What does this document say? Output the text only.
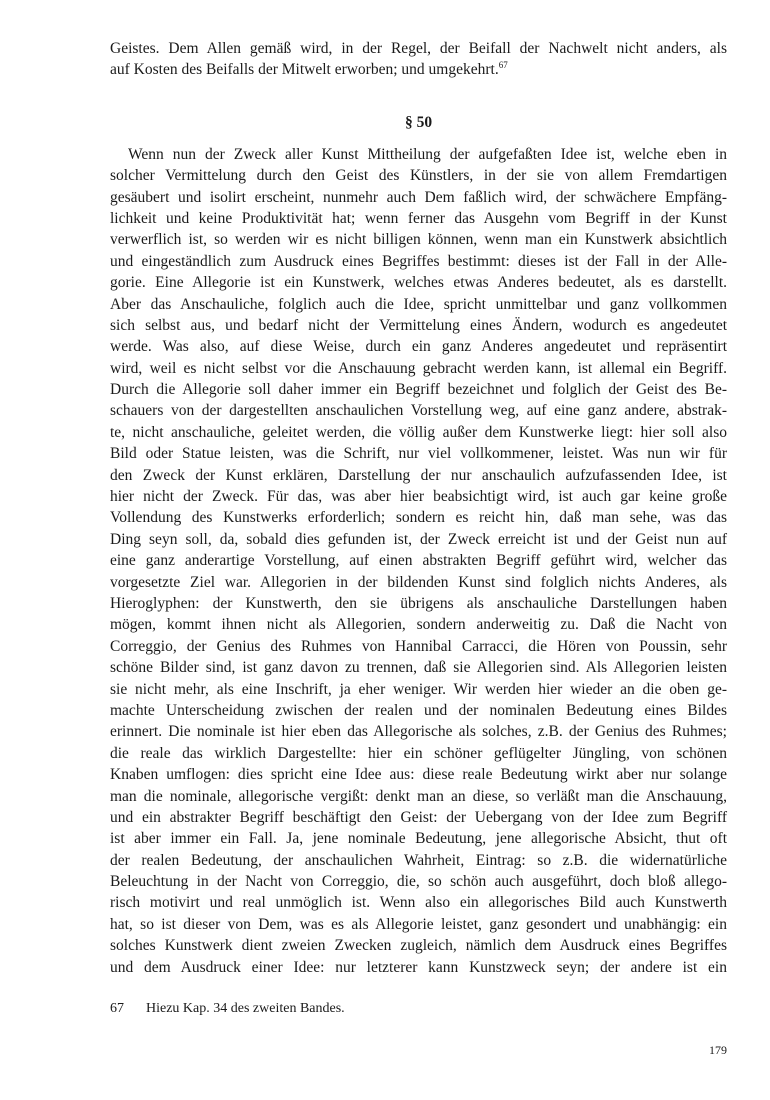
Geistes. Dem Allen gemäß wird, in der Regel, der Beifall der Nachwelt nicht anders, als
auf Kosten des Beifalls der Mitwelt erworben; und umgekehrt.$^{67}$
§ 50
Wenn nun der Zweck aller Kunst Mittheilung der aufgefaßten Idee ist, welche eben in
solcher Vermittelung durch den Geist des Künstlers, in der sie von allem Fremdartigen
gesäubert und isolirt erscheint, nunmehr auch Dem faßlich wird, der schwächere Empfäng-
lichkeit und keine Produktivität hat; wenn ferner das Ausgehn vom Begriff in der Kunst
verwerflich ist, so werden wir es nicht billigen können, wenn man ein Kunstwerk absichtlich
und eingeständlich zum Ausdruck eines Begriffes bestimmt: dieses ist der Fall in der Alle-
gorie. Eine Allegorie ist ein Kunstwerk, welches etwas Anderes bedeutet, als es darstellt.
Aber das Anschauliche, folglich auch die Idee, spricht unmittelbar und ganz vollkommen
sich selbst aus, und bedarf nicht der Vermittelung eines Ändern, wodurch es angedeutet
werde. Was also, auf diese Weise, durch ein ganz Anderes angedeutet und repräsentirt
wird, weil es nicht selbst vor die Anschauung gebracht werden kann, ist allemal ein Begriff.
Durch die Allegorie soll daher immer ein Begriff bezeichnet und folglich der Geist des Be-
schauers von der dargestellten anschaulichen Vorstellung weg, auf eine ganz andere, abstrak-
te, nicht anschauliche, geleitet werden, die völlig außer dem Kunstwerke liegt: hier soll also
Bild oder Statue leisten, was die Schrift, nur viel vollkommener, leistet. Was nun wir für
den Zweck der Kunst erklären, Darstellung der nur anschaulich aufzufassenden Idee, ist
hier nicht der Zweck. Für das, was aber hier beabsichtigt wird, ist auch gar keine große
Vollendung des Kunstwerks erforderlich; sondern es reicht hin, daß man sehe, was das
Ding seyn soll, da, sobald dies gefunden ist, der Zweck erreicht ist und der Geist nun auf
eine ganz anderartige Vorstellung, auf einen abstrakten Begriff geführt wird, welcher das
vorgesetzte Ziel war. Allegorien in der bildenden Kunst sind folglich nichts Anderes, als
Hieroglyphen: der Kunstwerth, den sie übrigens als anschauliche Darstellungen haben
mögen, kommt ihnen nicht als Allegorien, sondern anderweitig zu. Daß die Nacht von
Correggio, der Genius des Ruhmes von Hannibal Carracci, die Hören von Poussin, sehr
schöne Bilder sind, ist ganz davon zu trennen, daß sie Allegorien sind. Als Allegorien leisten
sie nicht mehr, als eine Inschrift, ja eher weniger. Wir werden hier wieder an die oben ge-
machte Unterscheidung zwischen der realen und der nominalen Bedeutung eines Bildes
erinnert. Die nominale ist hier eben das Allegorische als solches, z.B. der Genius des Ruhmes;
die reale das wirklich Dargestellte: hier ein schöner geflügelter Jüngling, von schönen
Knaben umflogen: dies spricht eine Idee aus: diese reale Bedeutung wirkt aber nur solange
man die nominale, allegorische vergißt: denkt man an diese, so verläßt man die Anschauung,
und ein abstrakter Begriff beschäftigt den Geist: der Uebergang von der Idee zum Begriff
ist aber immer ein Fall. Ja, jene nominale Bedeutung, jene allegorische Absicht, thut oft
der realen Bedeutung, der anschaulichen Wahrheit, Eintrag: so z.B. die widernatürliche
Beleuchtung in der Nacht von Correggio, die, so schön auch ausgeführt, doch bloß allego-
risch motivirt und real unmöglich ist. Wenn also ein allegorisches Bild auch Kunstwerth
hat, so ist dieser von Dem, was es als Allegorie leistet, ganz gesondert und unabhängig: ein
solches Kunstwerk dient zweien Zwecken zugleich, nämlich dem Ausdruck eines Begriffes
und dem Ausdruck einer Idee: nur letzterer kann Kunstzweck seyn; der andere ist ein
67 Hiezu Kap. 34 des zweiten Bandes.
179
